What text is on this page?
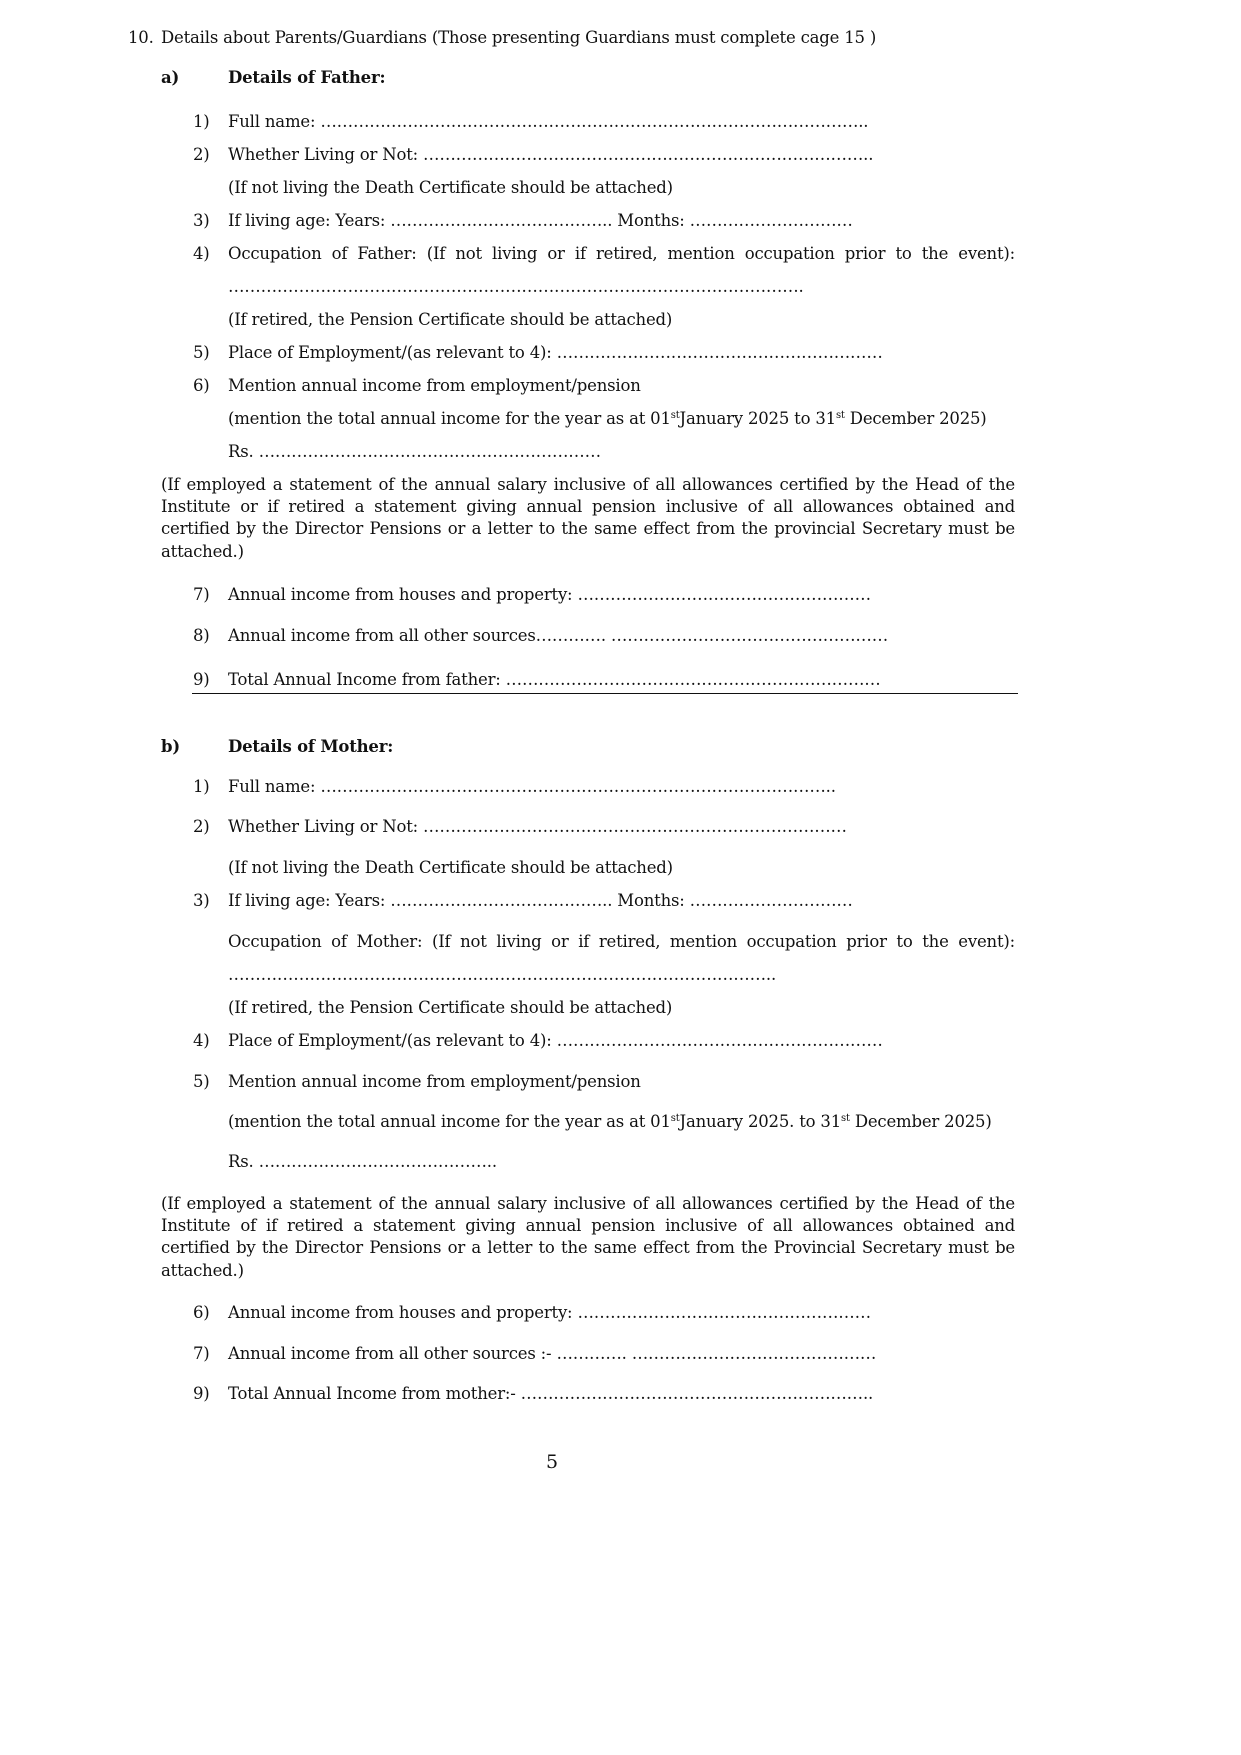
10. Details about Parents/Guardians (Those presenting Guardians must complete cage 15 )
a)	Details of Father:
1) Full name: ………………………………………………………………………………………..
2) Whether Living or Not: ………………………………………………………………………..
(If not living the Death Certificate should be attached)
3) If living age: Years: ………………………………….. Months: …………………………
4) Occupation of Father: (If not living or if retired, mention occupation prior to the event):
…………………………………………………………………………………………….
(If retired, the Pension Certificate should be attached)
5) Place of Employment/(as relevant to 4): ……………………………………………………
6) Mention annual income from employment/pension
(mention the total annual income for the year as at 01stJanuary 2025 to 31st December 2025)
Rs. ………………………………………………………
(If employed a statement of the annual salary inclusive of all allowances certified by the Head of the
Institute or if retired a statement giving annual pension inclusive of all allowances obtained and
certified by the Director Pensions or a letter to the same effect from the provincial Secretary must be
attached.)
7) Annual income from houses and property: ………………………………………………
8) Annual income from all other sources…………. ……………………………………………
9) Total Annual Income from father: ……………………………………………………………
b)	Details of Mother:
1) Full name: …………………………………………………………………………………..
2) Whether Living or Not: ……………………………………………………………………
(If not living the Death Certificate should be attached)
3) If living age: Years: ………………………………….. Months: …………………………
Occupation of Mother: (If not living or if retired, mention occupation prior to the event):
………………………………………………………………………………………..
(If retired, the Pension Certificate should be attached)
4) Place of Employment/(as relevant to 4): ……………………………………………………
5) Mention annual income from employment/pension
(mention the total annual income for the year as at 01stJanuary 2025. to 31st December 2025)
Rs. ……………………………………..
(If employed a statement of the annual salary inclusive of all allowances certified by the Head of the
Institute of if retired a statement giving annual pension inclusive of all allowances obtained and
certified by the Director Pensions or a letter to the same effect from the Provincial Secretary must be
attached.)
6) Annual income from houses and property: ………………………………………………
7) Annual income from all other sources :- …………. ………………………………………
9) Total Annual Income from mother:- ………………………………………………………..
5
